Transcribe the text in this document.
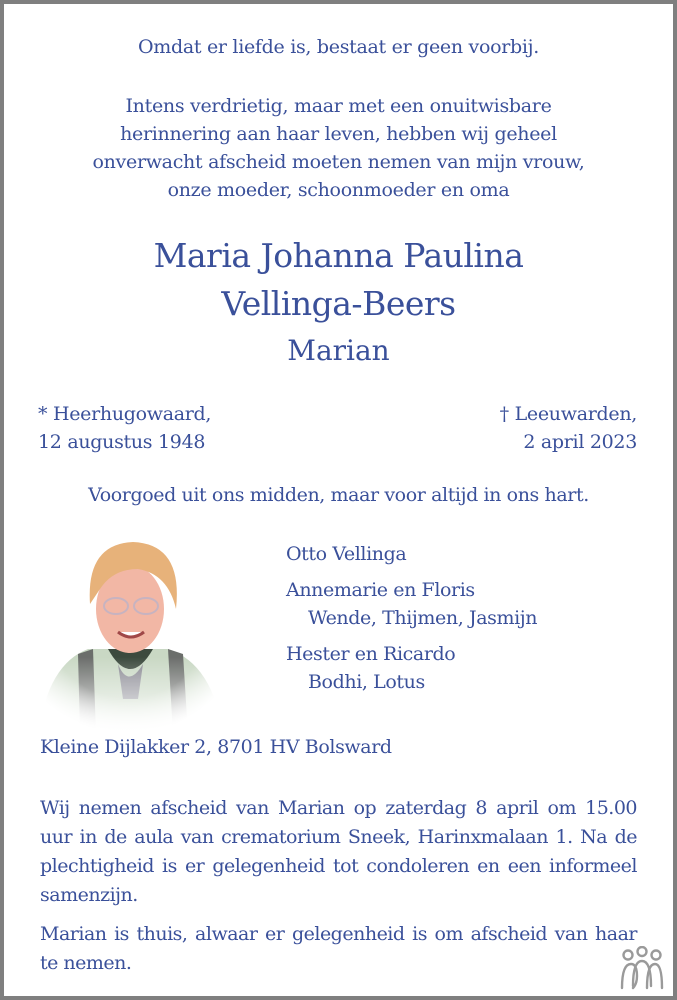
Omdat er liefde is, bestaat er geen voorbij.
Intens verdrietig, maar met een onuitwisbare
herinnering aan haar leven, hebben wij geheel
onverwacht afscheid moeten nemen van mijn vrouw,
onze moeder, schoonmoeder en oma
Maria Johanna Paulina
Vellinga-Beers
Marian
* Heerhugowaard,
12 augustus 1948
† Leeuwarden,
2 april 2023
Voorgoed uit ons midden, maar voor altijd in ons hart.
Otto Vellinga
Annemarie en Floris
Wende, Thijmen, Jasmijn
Hester en Ricardo
Bodhi, Lotus
Kleine Dijlakker 2, 8701 HV Bolsward
Wij nemen afscheid van Marian op zaterdag 8 april om 15.00 uur in de aula van crematorium Sneek, Harinxmalaan 1. Na de plechtigheid is er gelegenheid tot condoleren en een informeel samenzijn.
Marian is thuis, alwaar er gelegenheid is om afscheid van haar te nemen.
